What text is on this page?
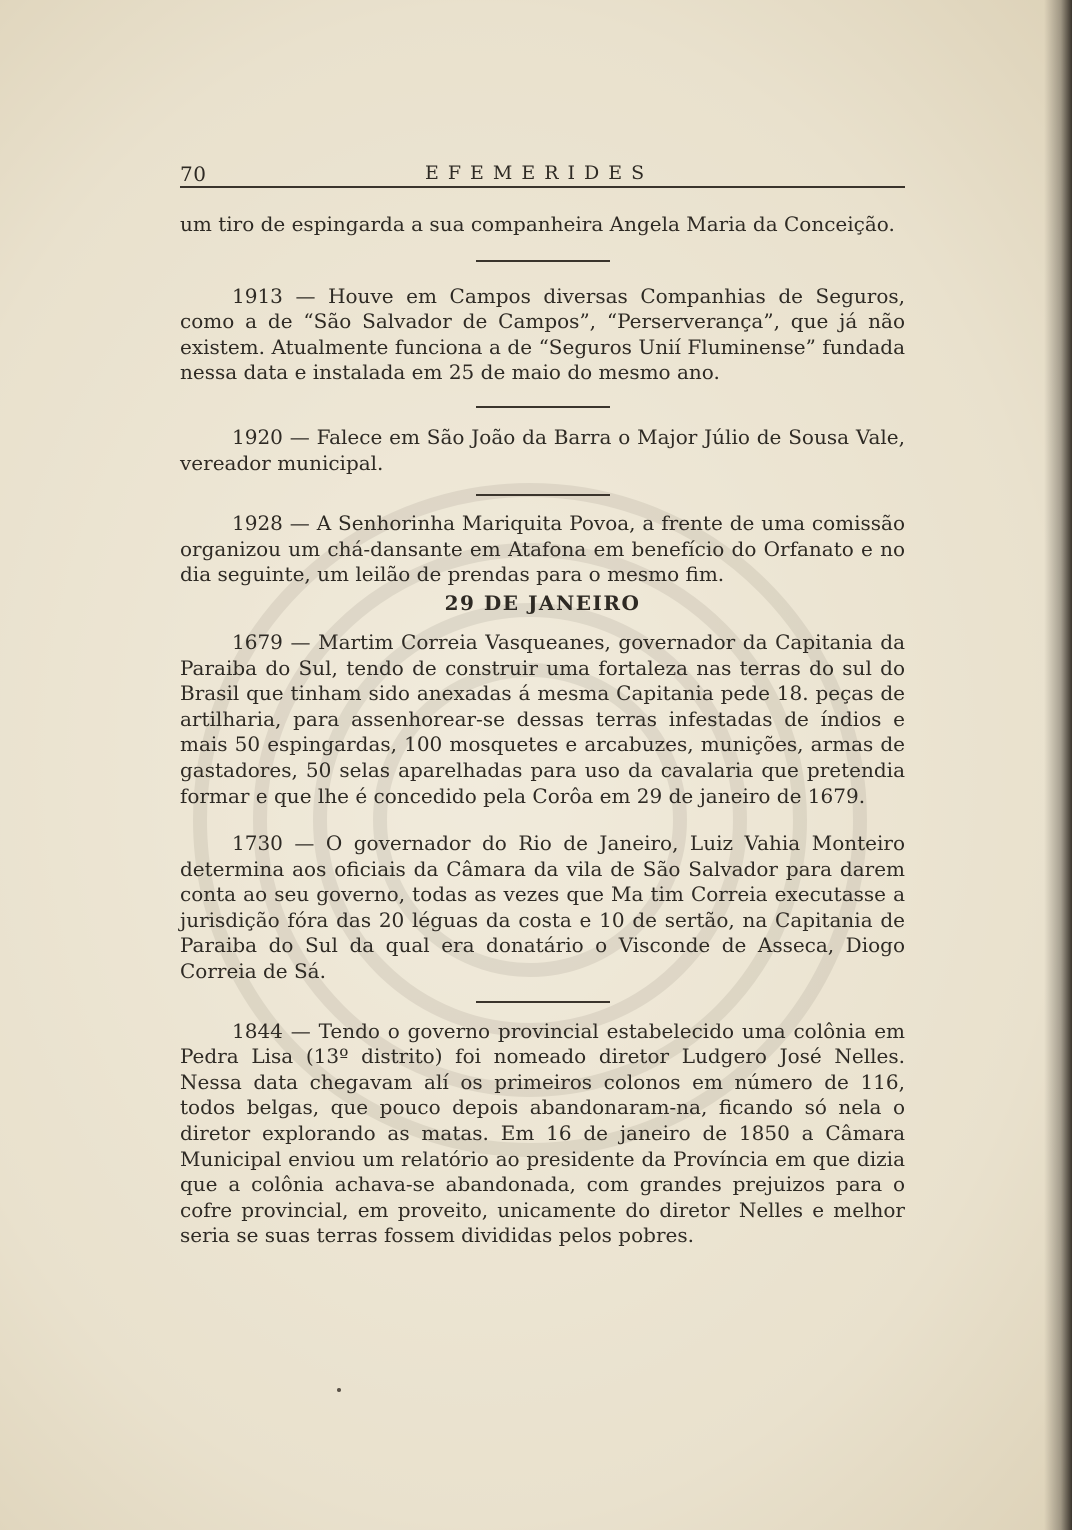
70	EFEMERIDES

um tiro de espingarda a sua companheira Angela Maria da Conceição.

1913 — Houve em Campos diversas Companhias de Seguros, como a de “São Salvador de Campos”, “Perserverança”, que já não existem. Atualmente funciona a de “Seguros Unií Fluminense” fundada nessa data e instalada em 25 de maio do mesmo ano.

1920 — Falece em São João da Barra o Major Júlio de Sousa Vale, vereador municipal.

1928 — A Senhorinha Mariquita Povoa, a frente de uma comissão organizou um chá-dansante em Atafona em benefício do Orfanato e no dia seguinte, um leilão de prendas para o mesmo fim.

29 DE JANEIRO

1679 — Martim Correia Vasqueanes, governador da Capitania da Paraiba do Sul, tendo de construir uma fortaleza nas terras do sul do Brasil que tinham sido anexadas á mesma Capitania pede 18. peças de artilharia, para assenhorear-se dessas terras infestadas de índios e mais 50 espingardas, 100 mosquetes e arcabuzes, munições, armas de gastadores, 50 selas aparelhadas para uso da cavalaria que pretendia formar e que lhe é concedido pela Corôa em 29 de janeiro de 1679.

1730 — O governador do Rio de Janeiro, Luiz Vahia Monteiro determina aos oficiais da Câmara da vila de São Salvador para darem conta ao seu governo, todas as vezes que Ma tim Correia executasse a jurisdição fóra das 20 léguas da costa e 10 de sertão, na Capitania de Paraiba do Sul da qual era donatário o Visconde de Asseca, Diogo Correia de Sá.

1844 — Tendo o governo provincial estabelecido uma colônia em Pedra Lisa (13º distrito) foi nomeado diretor Ludgero José Nelles. Nessa data chegavam alí os primeiros colonos em número de 116, todos belgas, que pouco depois abandonaram-na, ficando só nela o diretor explorando as matas. Em 16 de janeiro de 1850 a Câmara Municipal enviou um relatório ao presidente da Província em que dizia que a colônia achava-se abandonada, com grandes prejuizos para o cofre provincial, em proveito, unicamente do diretor Nelles e melhor seria se suas terras fossem divididas pelos pobres.
